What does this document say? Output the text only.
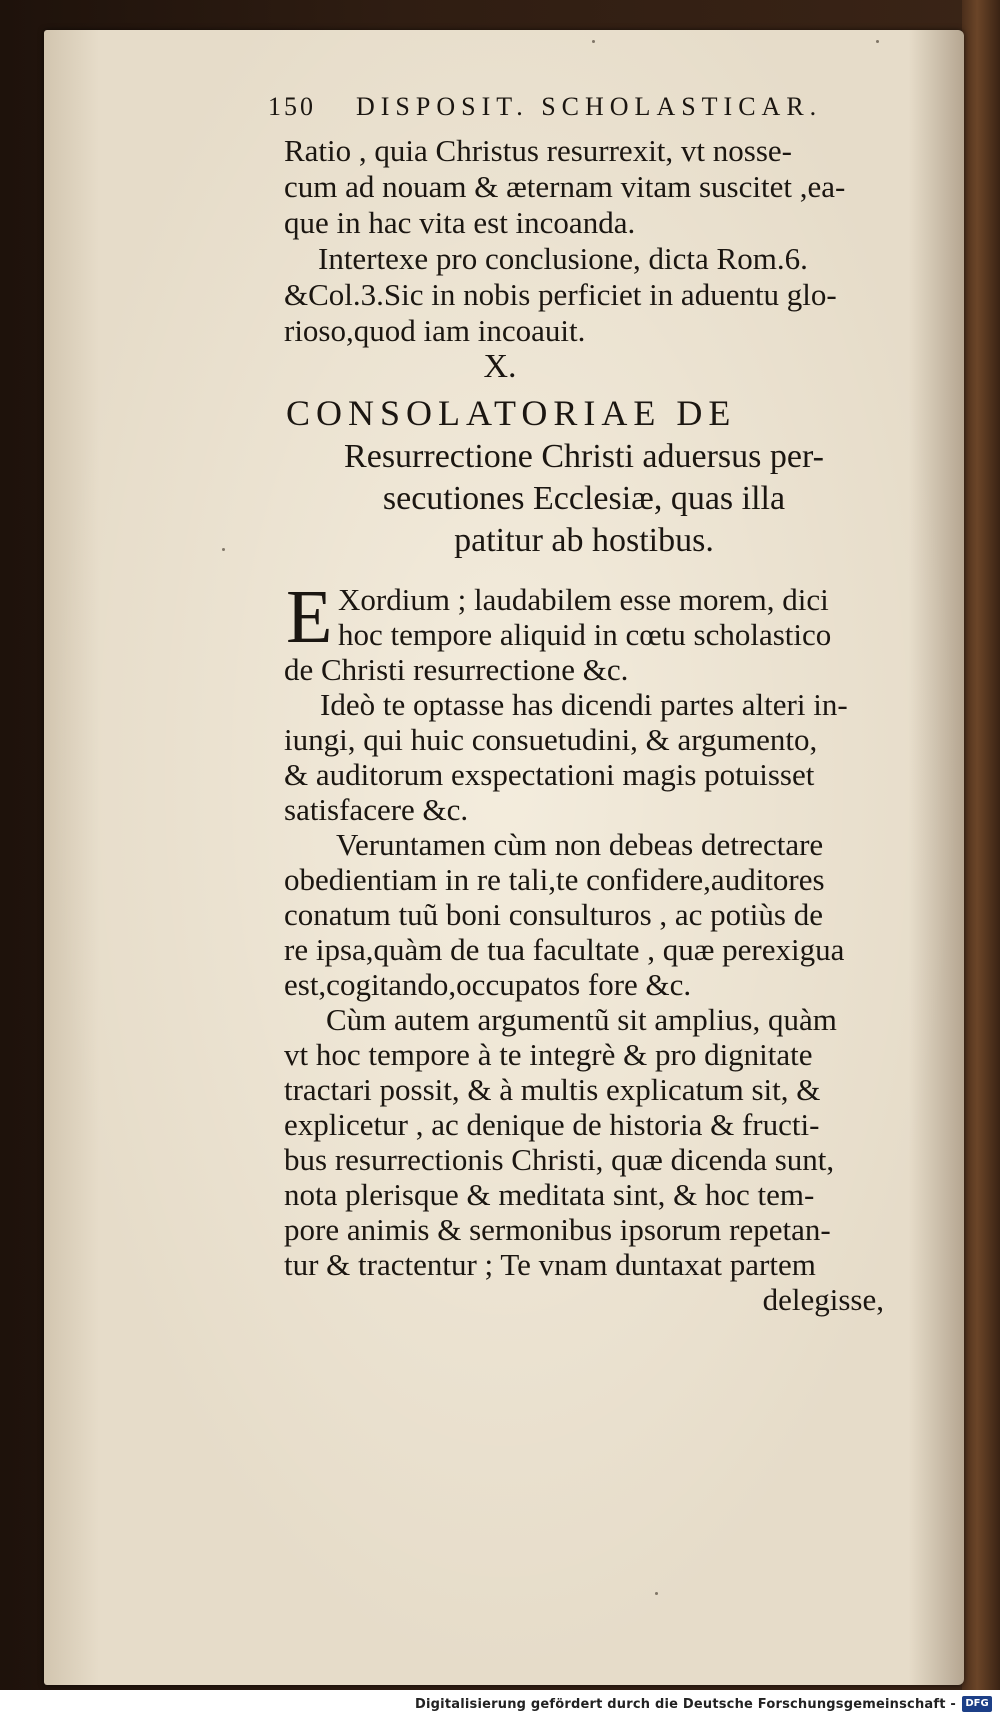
150 DISPOSIT. SCHOLASTICAR.
Ratio , quia Christus resurrexit, vt nosse-
cum ad nouam & æternam vitam suscitet ,ea-
que in hac vita est incoanda.
Intertexe pro conclusione, dicta Rom.6.
&Col.3.Sic in nobis perficiet in aduentu glo-
rioso,quod iam incoauit.
X.
CONSOLATORIAE DE
Resurrectione Christi aduersus per-
secutiones Ecclesiæ, quas illa
patitur ab hostibus.
E Xordium ; laudabilem esse morem, dici
hoc tempore aliquid in cœtu scholastico
de Christi resurrectione &c.
Ideò te optasse has dicendi partes alteri in-
iungi, qui huic consuetudini, & argumento,
& auditorum exspectationi magis potuisset
satisfacere &c.
Veruntamen cùm non debeas detrectare
obedientiam in re tali,te confidere,auditores
conatum tuũ boni consulturos , ac potiùs de
re ipsa,quàm de tua facultate , quæ perexigua
est,cogitando,occupatos fore &c.
Cùm autem argumentũ sit amplius, quàm
vt hoc tempore à te integrè & pro dignitate
tractari possit, & à multis explicatum sit, &
explicetur , ac denique de historia & fructi-
bus resurrectionis Christi, quæ dicenda sunt,
nota plerisque & meditata sint, & hoc tem-
pore animis & sermonibus ipsorum repetan-
tur & tractentur ; Te vnam duntaxat partem
delegisse,
Digitalisierung gefördert durch die Deutsche Forschungsgemeinschaft - DFG
